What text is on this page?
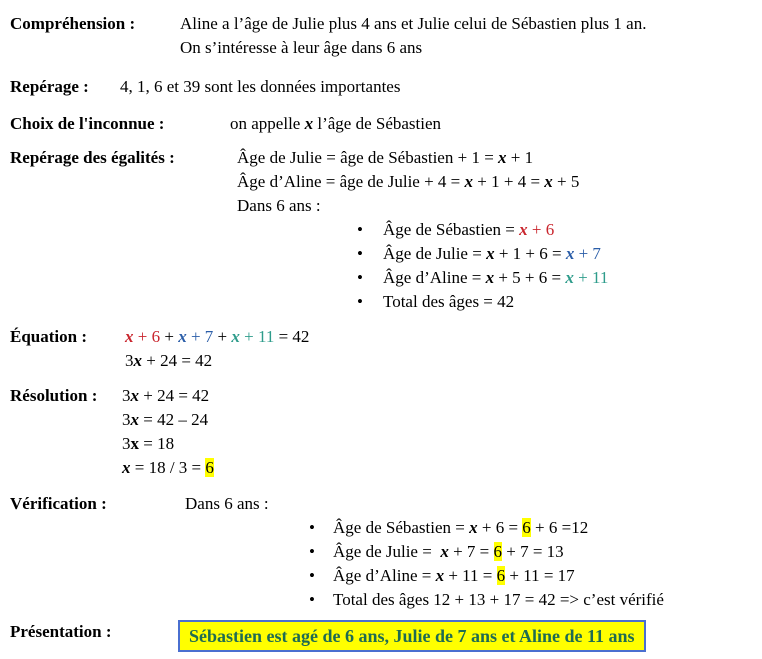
Compréhension : Aline a l’âge de Julie plus 4 ans et Julie celui de Sébastien plus 1 an.
On s’intéresse à leur âge dans 6 ans
Repérage : 4, 1, 6 et 39 sont les données importantes
Choix de l'inconnue :	on appelle x l’âge de Sébastien
Repérage des égalités :	Âge de Julie = âge de Sébastien + 1 = x + 1
Âge d’Aline = âge de Julie + 4 = x + 1 + 4 = x + 5
Dans 6 ans :
• Âge de Sébastien = x + 6
• Âge de Julie = x + 1 + 6 = x + 7
• Âge d’Aline = x + 5 + 6 = x + 11
• Total des âges = 42
Équation : x + 6 + x + 7 + x + 11 = 42
3x + 24 = 42
Résolution : 3x + 24 = 42
3x = 42 – 24
3x = 18
x = 18 / 3 = 6
Vérification :	Dans 6 ans :
• Âge de Sébastien = x + 6 = 6 + 6 =12
• Âge de Julie =  x + 7 = 6 + 7 = 13
• Âge d’Aline = x + 11 = 6 + 11 = 17
• Total des âges 12 + 13 + 17 = 42 => c’est vérifié
Présentation :	Sébastien est agé de 6 ans, Julie de 7 ans et Aline de 11 ans
